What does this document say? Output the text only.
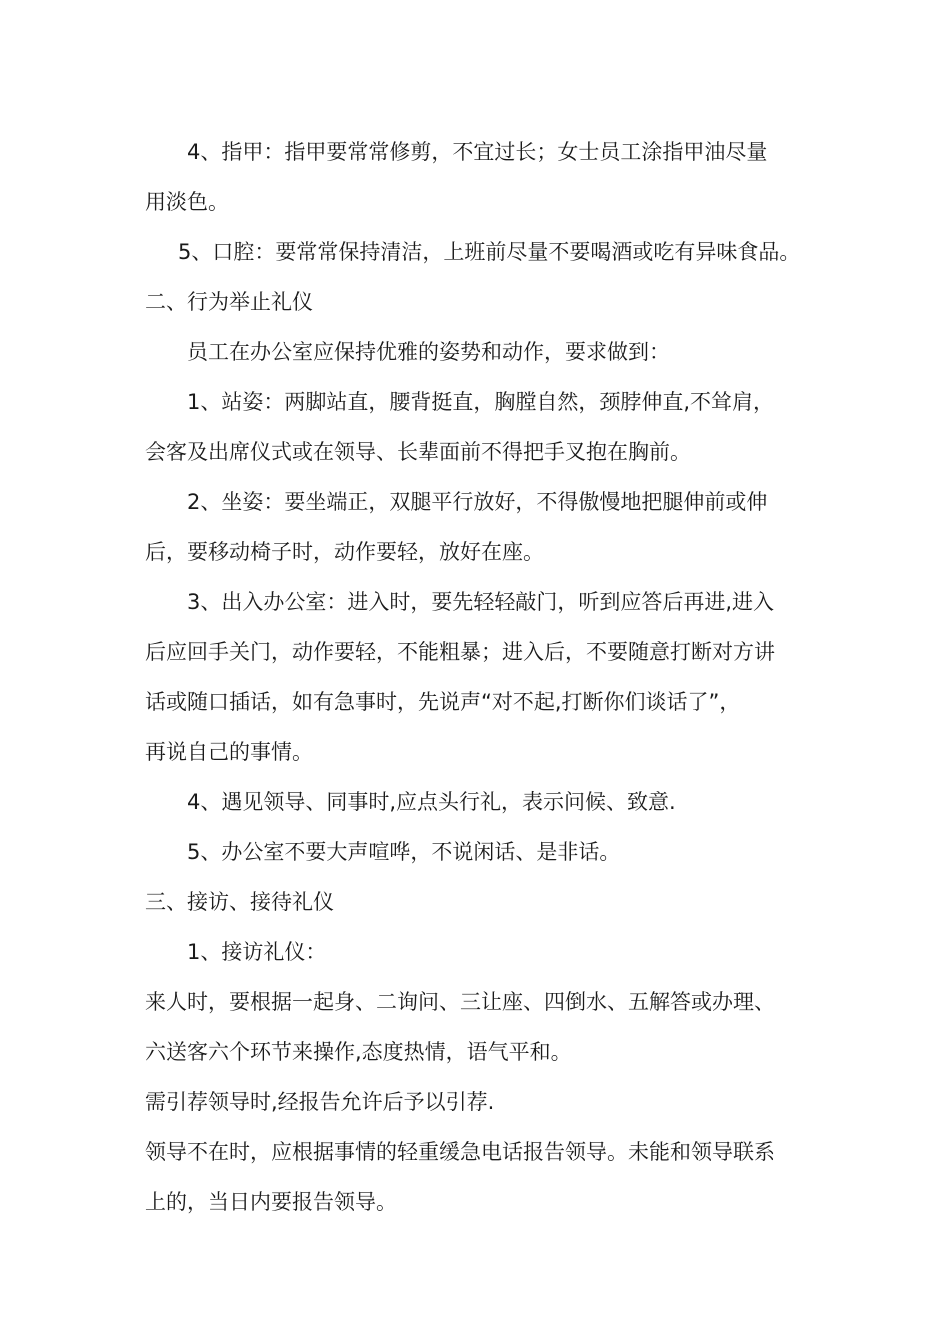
4、指甲：指甲要常常修剪，不宜过长；女士员工涂指甲油尽量

用淡色。

5、口腔：要常常保持清洁，上班前尽量不要喝酒或吃有异味食品。

二、行为举止礼仪

员工在办公室应保持优雅的姿势和动作，要求做到：

1、站姿：两脚站直，腰背挺直，胸膛自然，颈脖伸直,不耸肩，

会客及出席仪式或在领导、长辈面前不得把手叉抱在胸前。

2、坐姿：要坐端正，双腿平行放好，不得傲慢地把腿伸前或伸

后，要移动椅子时，动作要轻，放好在座。

3、出入办公室：进入时，要先轻轻敲门，听到应答后再进,进入

后应回手关门，动作要轻，不能粗暴；进入后，不要随意打断对方讲

话或随口插话，如有急事时，先说声“对不起,打断你们谈话了”，

再说自己的事情。

4、遇见领导、同事时,应点头行礼，表示问候、致意.

5、办公室不要大声喧哗，不说闲话、是非话。

三、接访、接待礼仪

1、接访礼仪：

来人时，要根据一起身、二询问、三让座、四倒水、五解答或办理、

六送客六个环节来操作,态度热情，语气平和。

需引荐领导时,经报告允许后予以引荐.

领导不在时，应根据事情的轻重缓急电话报告领导。未能和领导联系

上的，当日内要报告领导。
